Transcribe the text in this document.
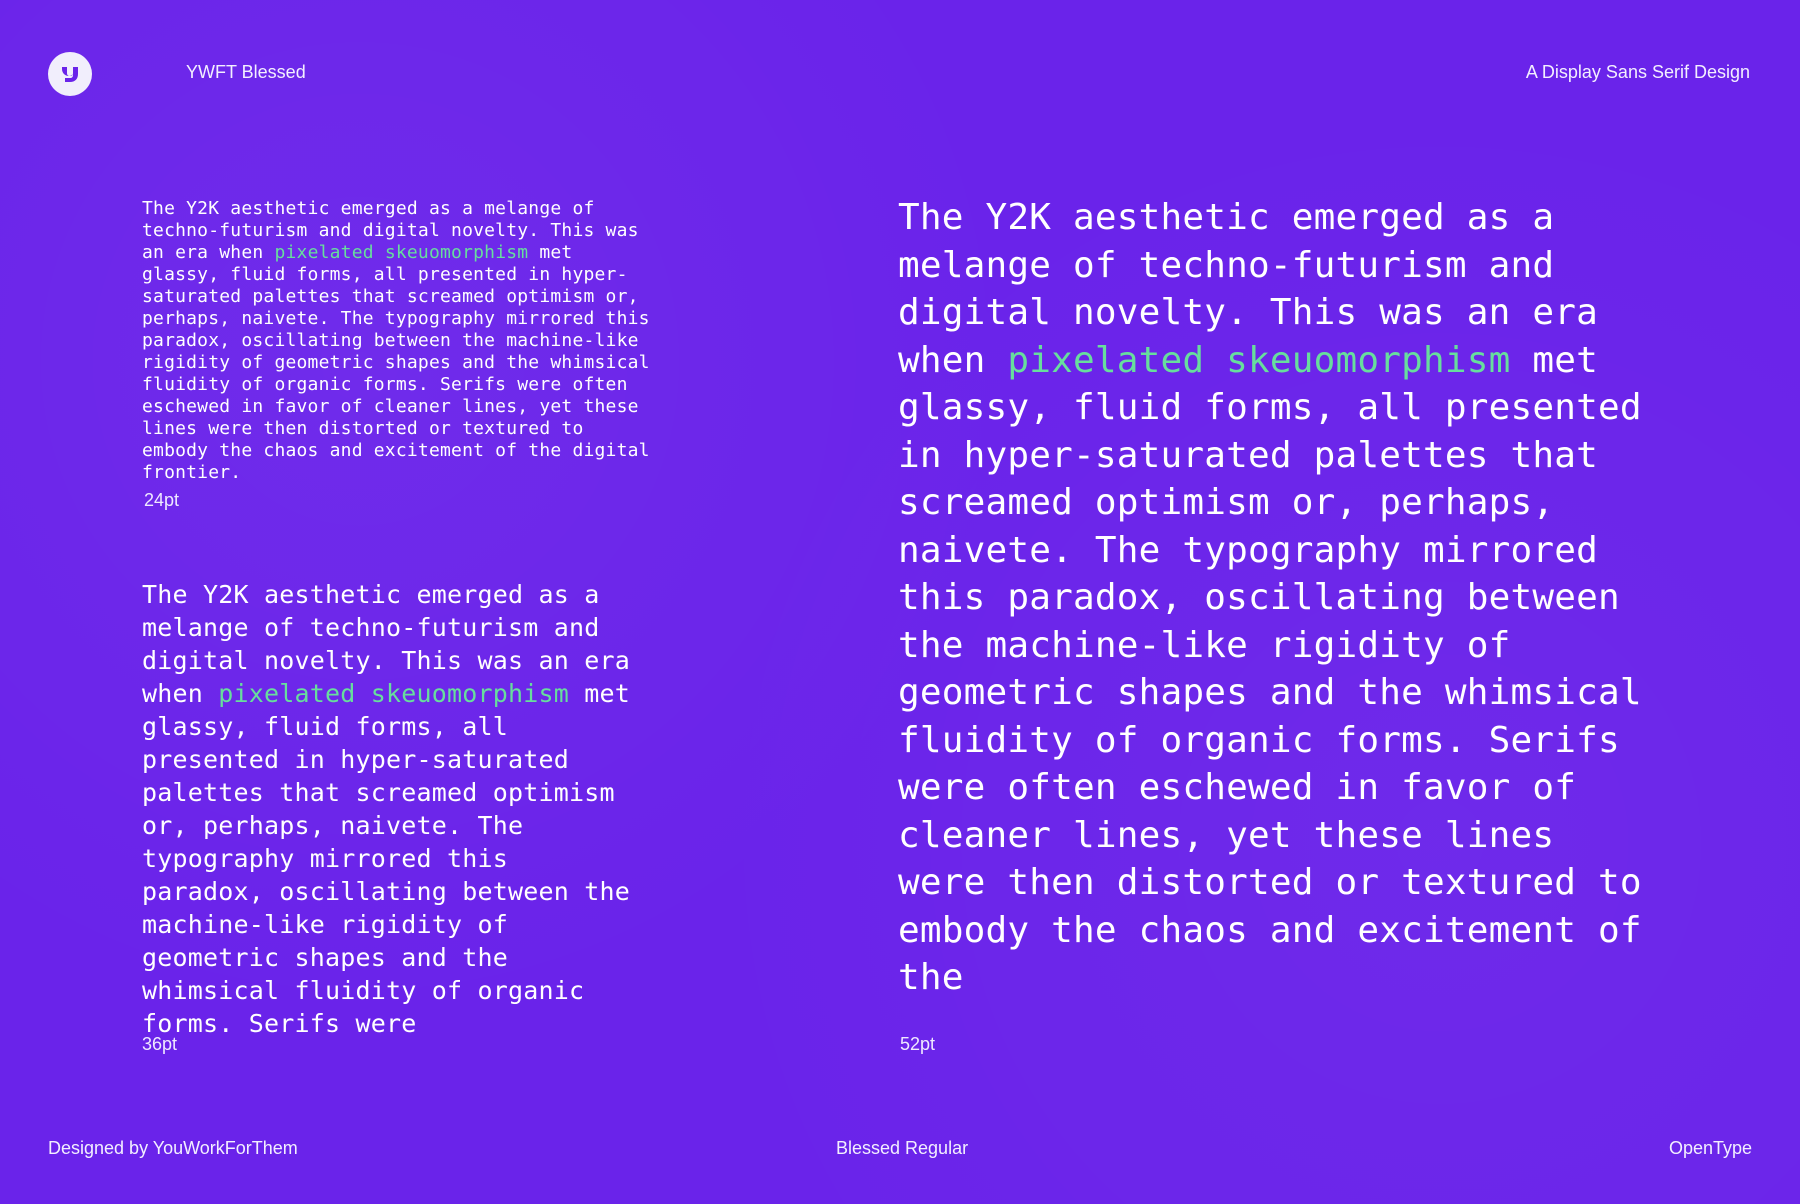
YWFT Blessed	A Display Sans Serif Design

The Y2K aesthetic emerged as a melange of techno-futurism and digital novelty. This was an era when pixelated skeuomorphism met glassy, fluid forms, all presented in hyper-saturated palettes that screamed optimism or, perhaps, naivete. The typography mirrored this paradox, oscillating between the machine-like rigidity of geometric shapes and the whimsical fluidity of organic forms. Serifs were often eschewed in favor of cleaner lines, yet these lines were then distorted or textured to embody the chaos and excitement of the digital frontier.

24pt

The Y2K aesthetic emerged as a melange of techno-futurism and digital novelty. This was an era when pixelated skeuomorphism met glassy, fluid forms, all presented in hyper-saturated palettes that screamed optimism or, perhaps, naivete. The typography mirrored this paradox, oscillating between the machine-like rigidity of geometric shapes and the whimsical fluidity of organic forms. Serifs were

36pt

The Y2K aesthetic emerged as a melange of techno-futurism and digital novelty. This was an era when pixelated skeuomorphism met glassy, fluid forms, all presented in hyper-saturated palettes that screamed optimism or, perhaps, naivete. The typography mirrored this paradox, oscillating between the machine-like rigidity of geometric shapes and the whimsical fluidity of organic forms. Serifs were often eschewed in favor of cleaner lines, yet these lines were then distorted or textured to embody the chaos and excitement of the

52pt
Designed by YouWorkForThem	Blessed Regular	OpenType
